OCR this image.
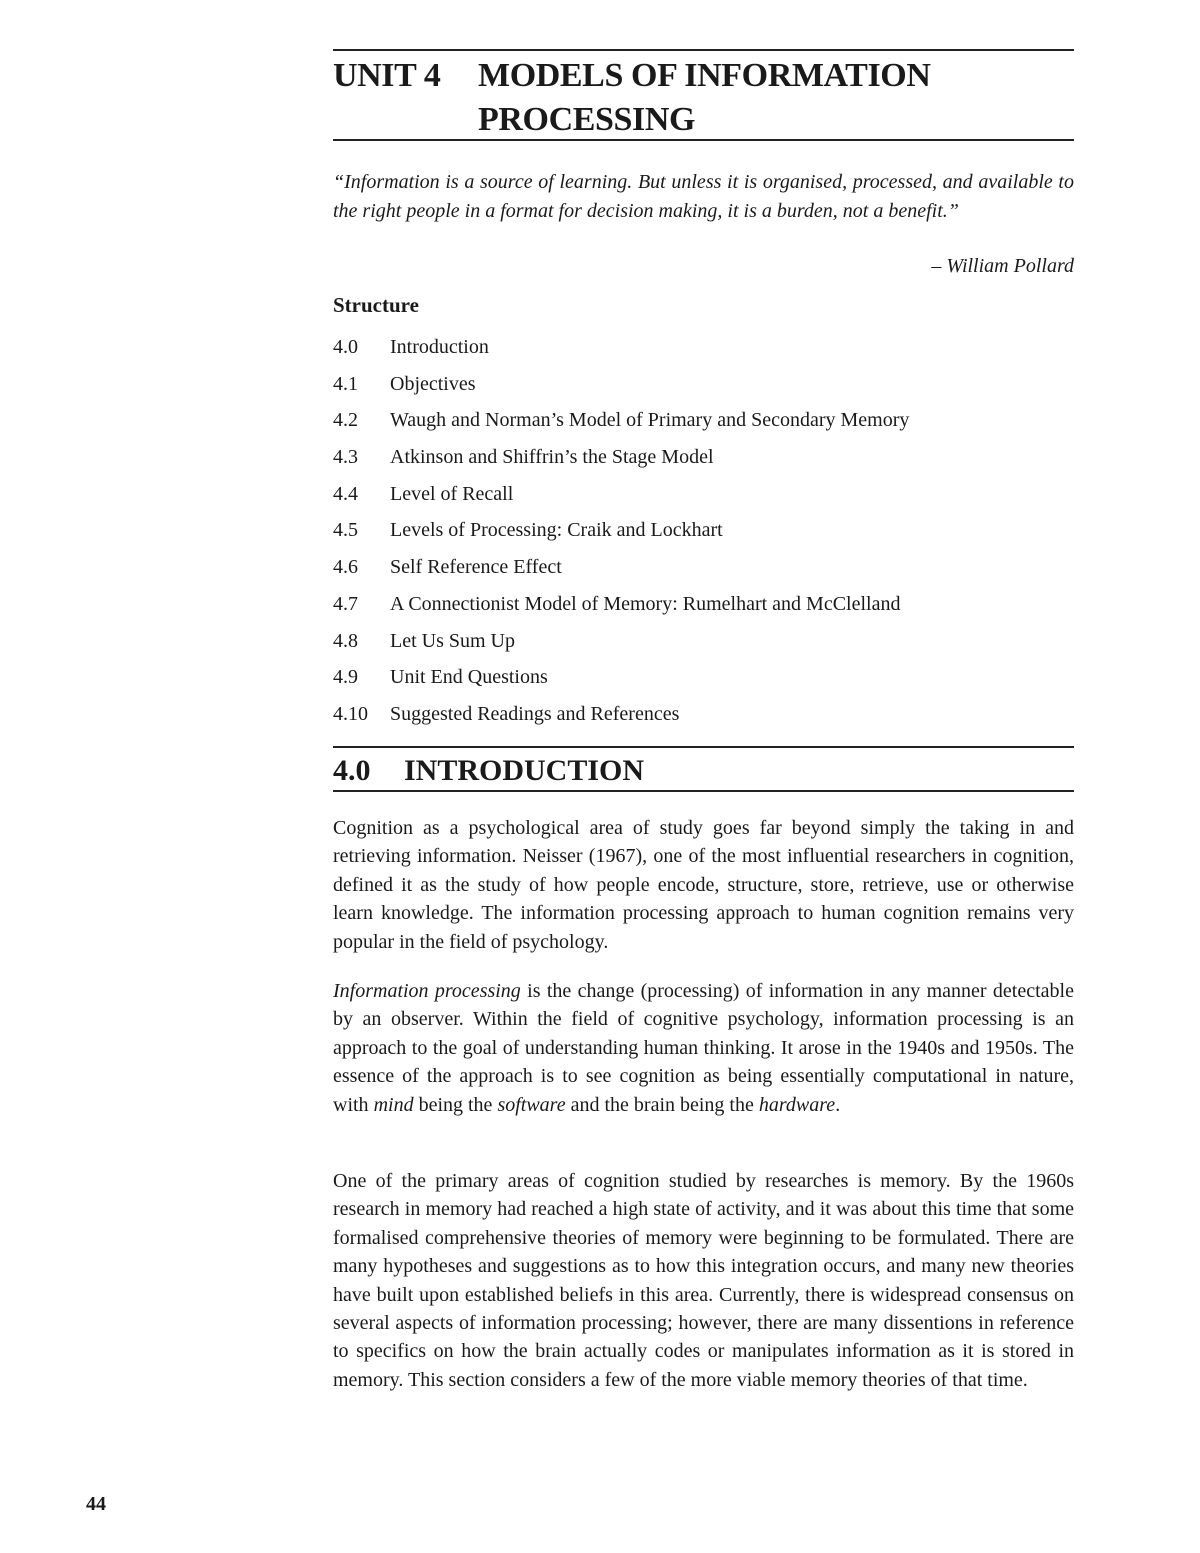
UNIT 4 MODELS OF INFORMATION
PROCESSING
“Information is a source of learning. But unless it is organised, processed, and available to the right people in a format for decision making, it is a burden, not a benefit.”
– William Pollard
Structure
4.0 Introduction
4.1 Objectives
4.2 Waugh and Norman’s Model of Primary and Secondary Memory
4.3 Atkinson and Shiffrin’s the Stage Model
4.4 Level of Recall
4.5 Levels of Processing: Craik and Lockhart
4.6 Self Reference Effect
4.7 A Connectionist Model of Memory: Rumelhart and McClelland
4.8 Let Us Sum Up
4.9 Unit End Questions
4.10 Suggested Readings and References
4.0 INTRODUCTION

Cognition as a psychological area of study goes far beyond simply the taking in and retrieving information. Neisser (1967), one of the most influential researchers in cognition, defined it as the study of how people encode, structure, store, retrieve, use or otherwise learn knowledge. The information processing approach to human cognition remains very popular in the field of psychology.

Information processing is the change (processing) of information in any manner detectable by an observer. Within the field of cognitive psychology, information processing is an approach to the goal of understanding human thinking. It arose in the 1940s and 1950s. The essence of the approach is to see cognition as being essentially computational in nature, with mind being the software and the brain being the hardware.

One of the primary areas of cognition studied by researches is memory. By the 1960s research in memory had reached a high state of activity, and it was about this time that some formalised comprehensive theories of memory were beginning to be formulated. There are many hypotheses and suggestions as to how this integration occurs, and many new theories have built upon established beliefs in this area. Currently, there is widespread consensus on several aspects of information processing; however, there are many dissentions in reference to specifics on how the brain actually codes or manipulates information as it is stored in memory. This section considers a few of the more viable memory theories of that time.

44
